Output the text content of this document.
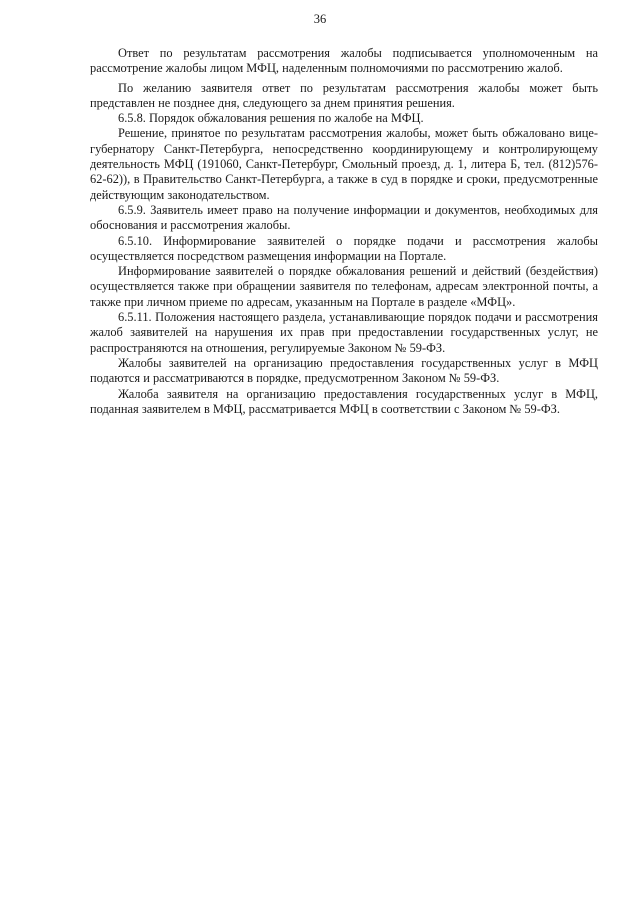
36

Ответ по результатам рассмотрения жалобы подписывается уполномоченным на рассмотрение жалобы лицом МФЦ, наделенным полномочиями по рассмотрению жалоб.

По желанию заявителя ответ по результатам рассмотрения жалобы может быть представлен не позднее дня, следующего за днем принятия решения.

6.5.8. Порядок обжалования решения по жалобе на МФЦ.

Решение, принятое по результатам рассмотрения жалобы, может быть обжаловано вице-губернатору Санкт-Петербурга, непосредственно координирующему и контролирующему деятельность МФЦ (191060, Санкт-Петербург, Смольный проезд, д. 1, литера Б, тел. (812)576-62-62)), в Правительство Санкт-Петербурга, а также в суд в порядке и сроки, предусмотренные действующим законодательством.

6.5.9. Заявитель имеет право на получение информации и документов, необходимых для обоснования и рассмотрения жалобы.

6.5.10. Информирование заявителей о порядке подачи и рассмотрения жалобы осуществляется посредством размещения информации на Портале.

Информирование заявителей о порядке обжалования решений и действий (бездействия) осуществляется также при обращении заявителя по телефонам, адресам электронной почты, а также при личном приеме по адресам, указанным на Портале в разделе «МФЦ».

6.5.11. Положения настоящего раздела, устанавливающие порядок подачи и рассмотрения жалоб заявителей на нарушения их прав при предоставлении государственных услуг, не распространяются на отношения, регулируемые Законом № 59-ФЗ.

Жалобы заявителей на организацию предоставления государственных услуг в МФЦ подаются и рассматриваются в порядке, предусмотренном Законом № 59-ФЗ.

Жалоба заявителя на организацию предоставления государственных услуг в МФЦ, поданная заявителем в МФЦ, рассматривается МФЦ в соответствии с Законом № 59-ФЗ.
